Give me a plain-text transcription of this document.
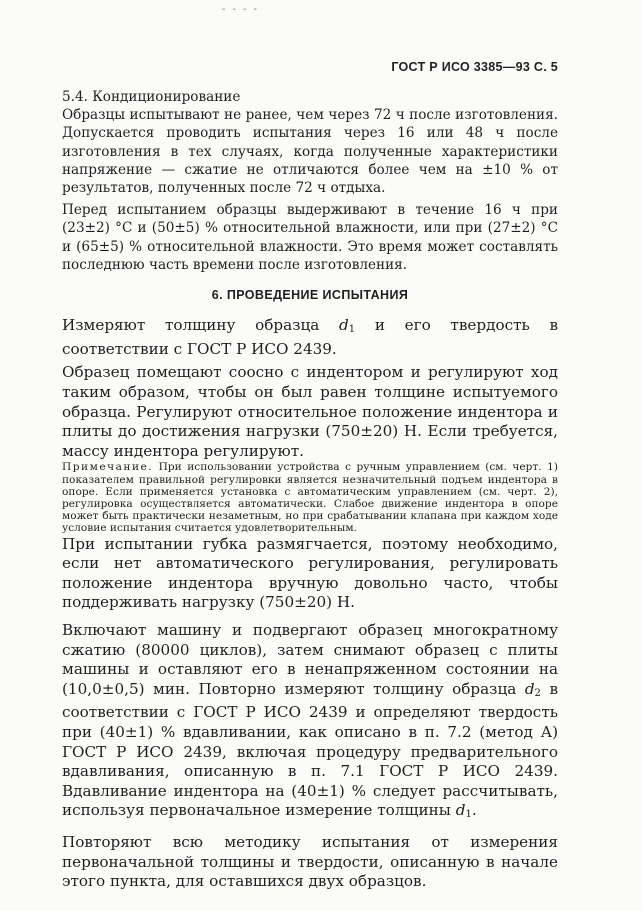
- - - -
ГОСТ Р ИСО 3385—93 С. 5

5.4. Кондиционирование

Образцы испытывают не ранее, чем через 72 ч после изготовления. Допускается проводить испытания через 16 или 48 ч после изготовления в тех случаях, когда полученные характеристики напряжение — сжатие не отличаются более чем на ±10 % от результатов, полученных после 72 ч отдыха.

Перед испытанием образцы выдерживают в течение 16 ч при (23±2) °С и (50±5) % относительной влажности, или при (27±2) °С и (65±5) % относительной влажности. Это время может составлять последнюю часть времени после изготовления.

6. ПРОВЕДЕНИЕ ИСПЫТАНИЯ

Измеряют толщину образца $d_1$ и его твердость в соответствии с ГОСТ Р ИСО 2439.

Образец помещают соосно с индентором и регулируют ход таким образом, чтобы он был равен толщине испытуемого образца. Регулируют относительное положение индентора и плиты до достижения нагрузки (750±20) Н. Если требуется, массу индентора регулируют.

Примечание. При использовании устройства с ручным управлением (см. черт. 1) показателем правильной регулировки является незначительный подъем индентора в опоре. Если применяется установка с автоматическим управлением (см. черт. 2), регулировка осуществляется автоматически. Слабое движение индентора в опоре может быть практически незаметным, но при срабатывании клапана при каждом ходе условие испытания считается удовлетворительным.

При испытании губка размягчается, поэтому необходимо, если нет автоматического регулирования, регулировать положение индентора вручную довольно часто, чтобы поддерживать нагрузку (750±20) Н.

Включают машину и подвергают образец многократному сжатию (80000 циклов), затем снимают образец с плиты машины и оставляют его в ненапряженном состоянии на (10,0±0,5) мин. Повторно измеряют толщину образца $d_2$ в соответствии с ГОСТ Р ИСО 2439 и определяют твердость при (40±1) % вдавливании, как описано в п. 7.2 (метод А) ГОСТ Р ИСО 2439, включая процедуру предварительного вдавливания, описанную в п. 7.1 ГОСТ Р ИСО 2439. Вдавливание индентора на (40±1) % следует рассчитывать, используя первоначальное измерение толщины $d_1$.

Повторяют всю методику испытания от измерения первоначальной толщины и твердости, описанную в начале этого пункта, для оставшихся двух образцов.
